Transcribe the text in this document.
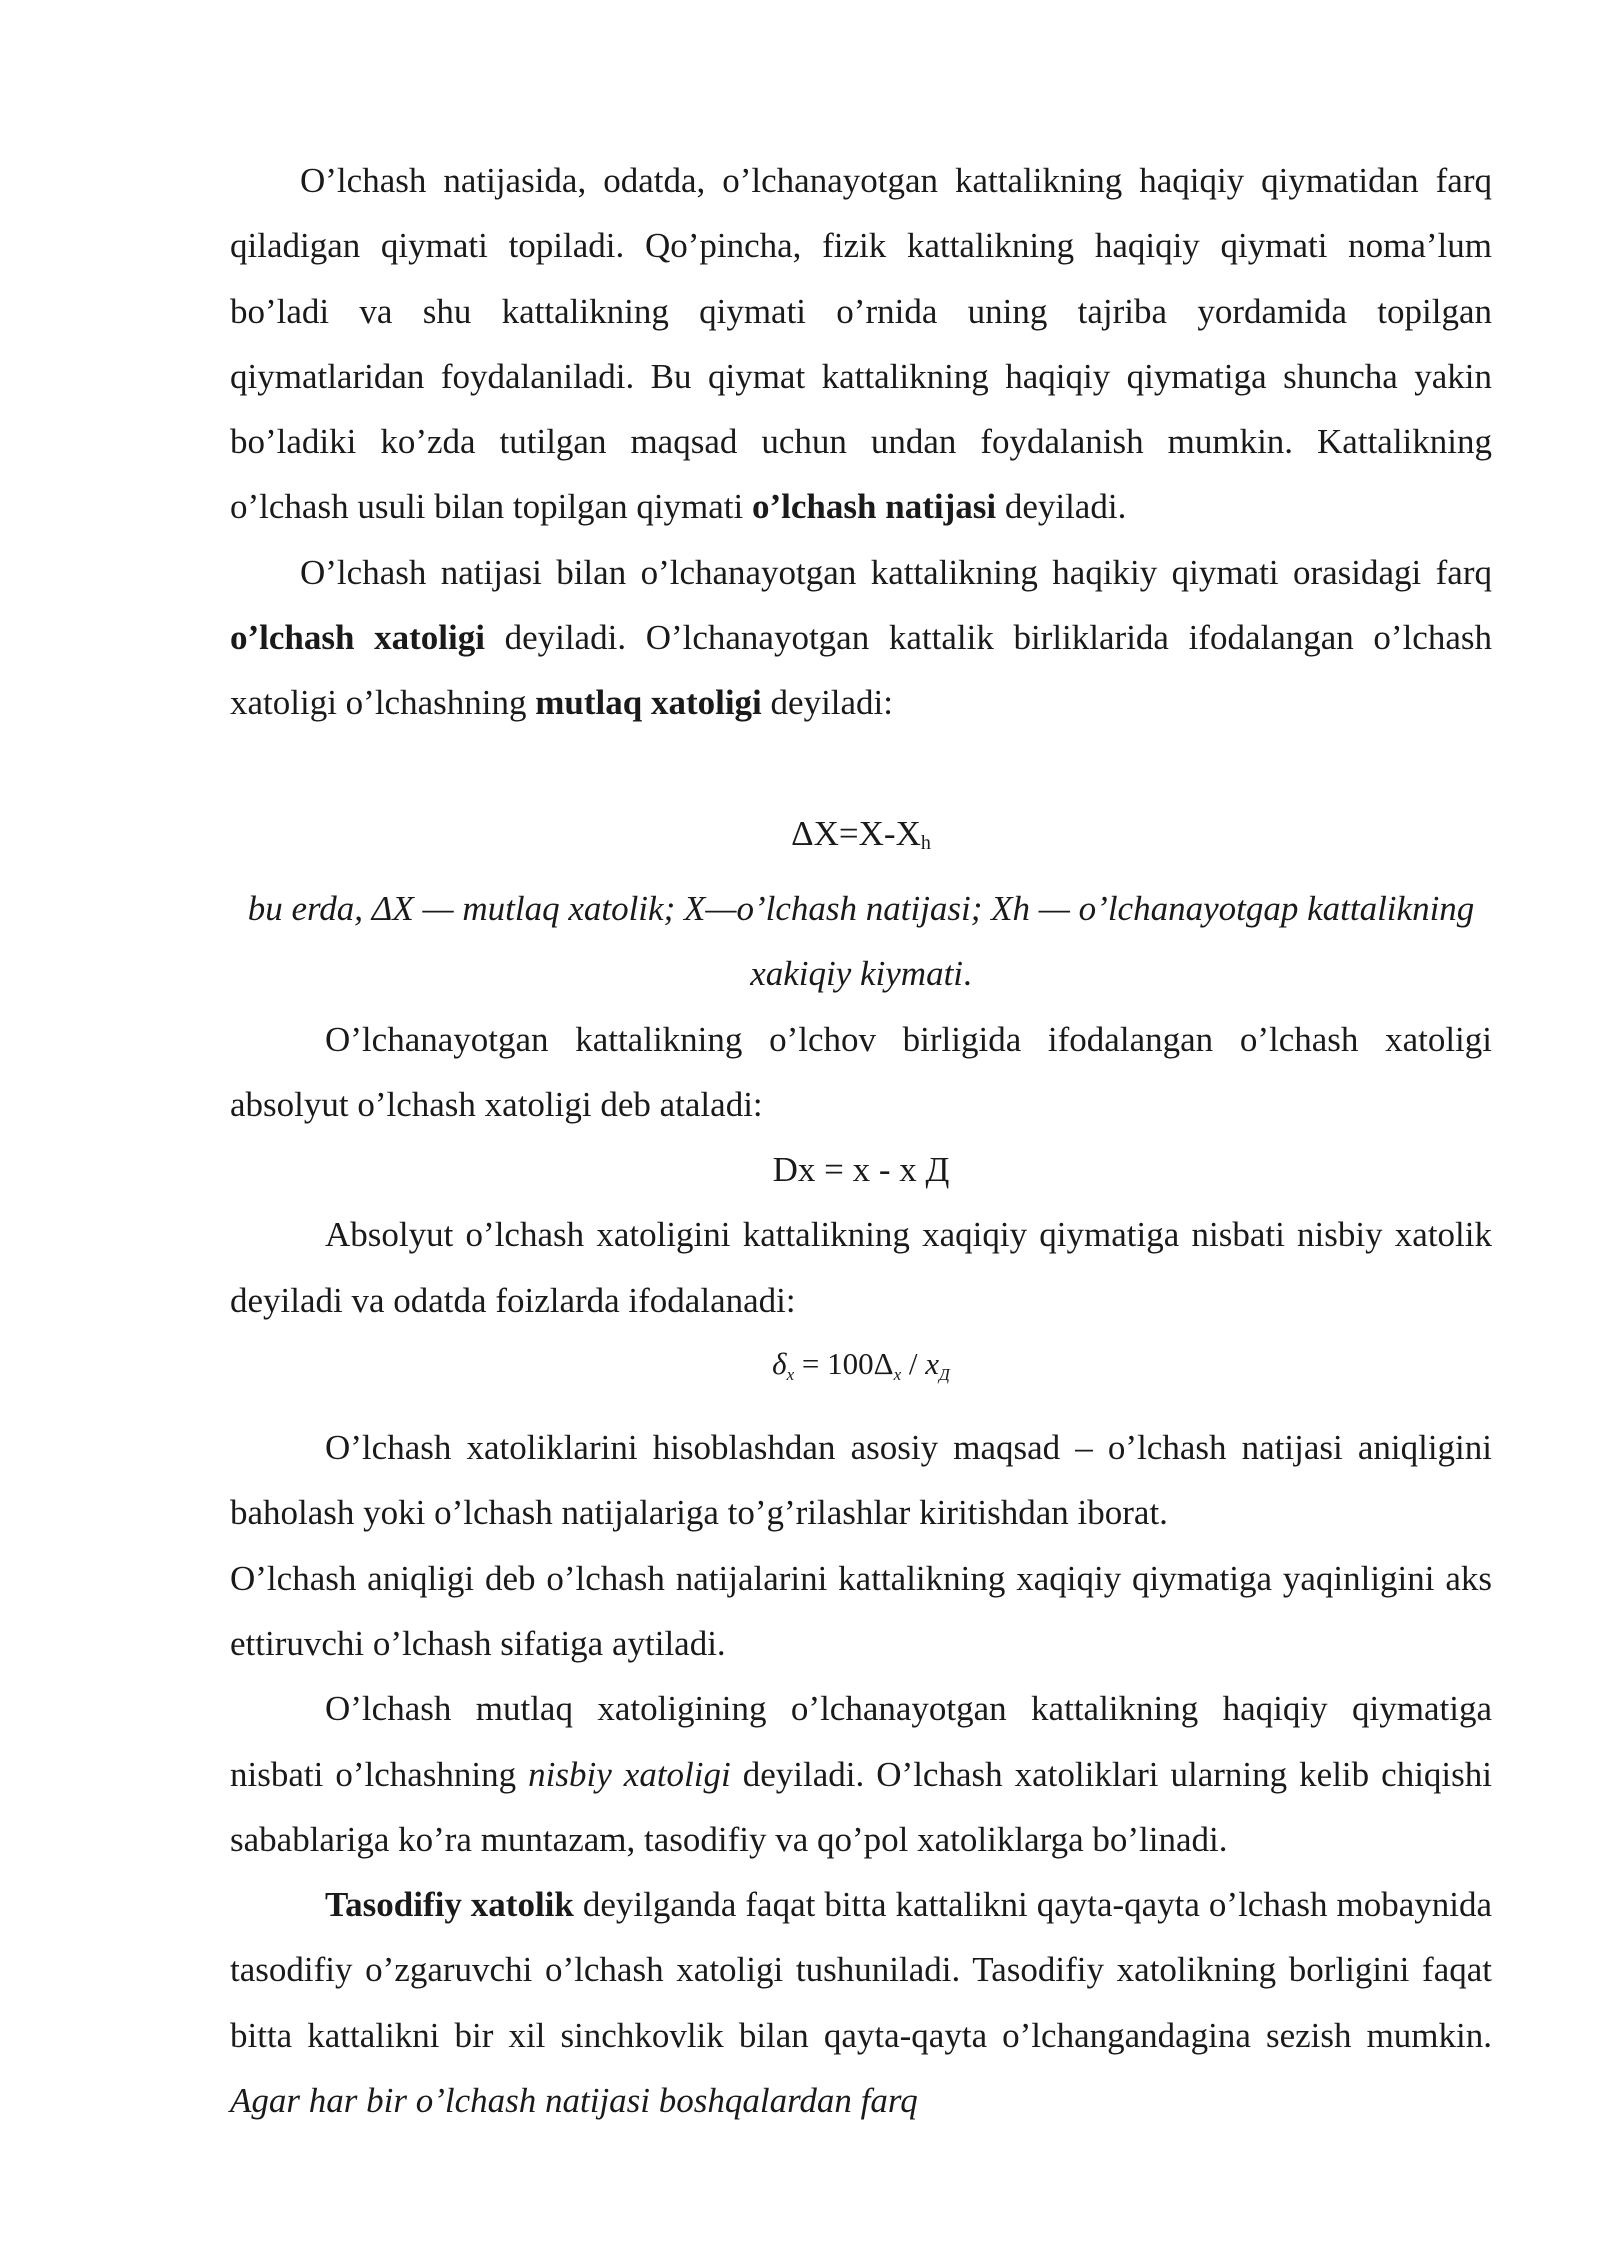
O’lchash natijasida, odatda, o’lchanayotgan kattalikning haqiqiy qiymatidan farq qiladigan qiymati topiladi. Qo’pincha, fizik kattalikning haqiqiy qiymati noma’lum bo’ladi va shu kattalikning qiymati o’rnida uning tajriba yordamida topilgan qiymatlaridan foydalaniladi. Bu qiymat kattalikning haqiqiy qiymatiga shuncha yakin bo’ladiki ko’zda tutilgan maqsad uchun undan foydalanish mumkin. Kattalikning o’lchash usuli bilan topilgan qiymati o’lchash natijasi deyiladi.

O’lchash natijasi bilan o’lchanayotgan kattalikning haqikiy qiymati orasidagi farq o’lchash xatoligi deyiladi. O’lchanayotgan kattalik birliklarida ifodalangan o’lchash xatoligi o’lchashning mutlaq xatoligi deyiladi:

$\Delta X=X-X_h$

bu erda, ΔX — mutlaq xatolik; X—o’lchash natijasi; Xh — o’lchanayotgap kattalikning xakiqiy kiymati.

O’lchanayotgan kattalikning o’lchov birligida ifodalangan o’lchash xatoligi absolyut o’lchash xatoligi deb ataladi:

Dx = x - x Д

Absolyut o’lchash xatoligini kattalikning xaqiqiy qiymatiga nisbati nisbiy xatolik deyiladi va odatda foizlarda ifodalanadi:

δx = 100Δx / xД

O’lchash xatoliklarini hisoblashdan asosiy maqsad – o’lchash natijasi aniqligini baholash yoki o’lchash natijalariga to’g’rilashlar kiritishdan iborat.

O’lchash aniqligi deb o’lchash natijalarini kattalikning xaqiqiy qiymatiga yaqinligini aks ettiruvchi o’lchash sifatiga aytiladi.

O’lchash mutlaq xatoligining o’lchanayotgan kattalikning haqiqiy qiymatiga nisbati o’lchashning nisbiy xatoligi deyiladi. O’lchash xatoliklari ularning kelib chiqishi sabablariga ko’ra muntazam, tasodifiy va qo’pol xatoliklarga bo’linadi.

Tasodifiy xatolik deyilganda faqat bitta kattalikni qayta-qayta o’lchash mobaynida tasodifiy o’zgaruvchi o’lchash xatoligi tushuniladi. Tasodifiy xatolikning borligini faqat bitta kattalikni bir xil sinchkovlik bilan qayta-qayta o’lchangandagina sezish mumkin. Agar har bir o’lchash natijasi boshqalardan farq
